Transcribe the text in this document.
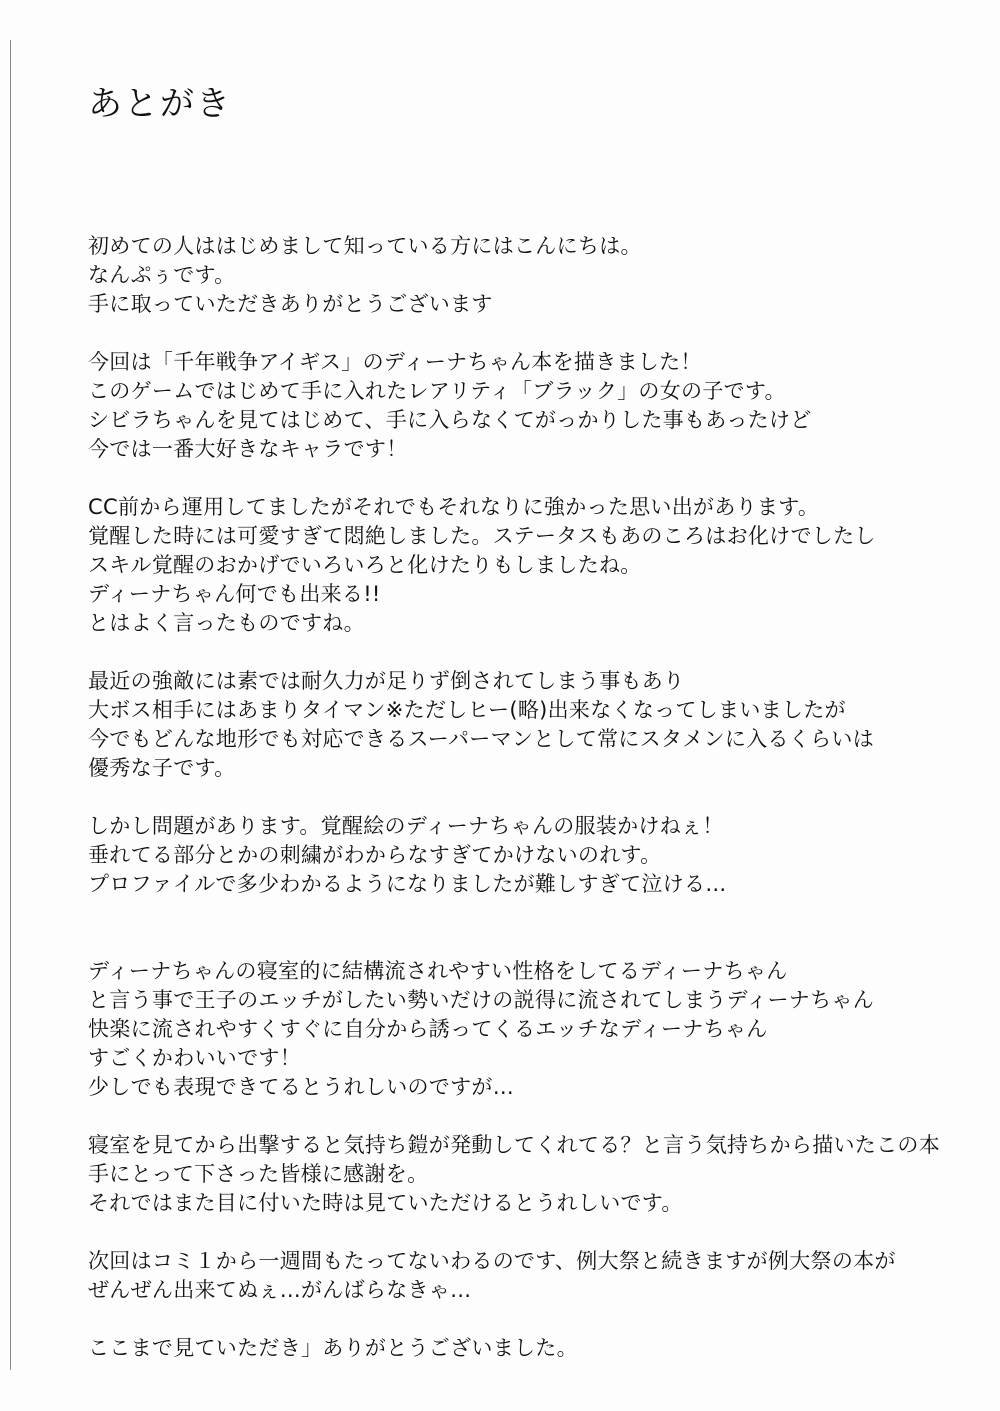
あとがき
初めての人ははじめまして知っている方にはこんにちは。
なんぷぅです。
手に取っていただきありがとうございます
今回は「千年戦争アイギス」のディーナちゃん本を描きました！
このゲームではじめて手に入れたレアリティ「ブラック」の女の子です。
シビラちゃんを見てはじめて、手に入らなくてがっかりした事もあったけど
今では一番大好きなキャラです！
CC前から運用してましたがそれでもそれなりに強かった思い出があります。
覚醒した時には可愛すぎて悶絶しました。ステータスもあのころはお化けでしたし
スキル覚醒のおかげでいろいろと化けたりもしましたね。
ディーナちゃん何でも出来る!!
とはよく言ったものですね。
最近の強敵には素では耐久力が足りず倒されてしまう事もあり
大ボス相手にはあまりタイマン※ただしヒー(略)出来なくなってしまいましたが
今でもどんな地形でも対応できるスーパーマンとして常にスタメンに入るくらいは
優秀な子です。
しかし問題があります。覚醒絵のディーナちゃんの服装かけねぇ！
垂れてる部分とかの刺繍がわからなすぎてかけないのれす。
プロファイルで多少わかるようになりましたが難しすぎて泣ける…
ディーナちゃんの寝室的に結構流されやすい性格をしてるディーナちゃん
と言う事で王子のエッチがしたい勢いだけの説得に流されてしまうディーナちゃん
快楽に流されやすくすぐに自分から誘ってくるエッチなディーナちゃん
すごくかわいいです！
少しでも表現できてるとうれしいのですが…
寝室を見てから出撃すると気持ち鎧が発動してくれてる？と言う気持ちから描いたこの本
手にとって下さった皆様に感謝を。
それではまた目に付いた時は見ていただけるとうれしいです。
次回はコミ１から一週間もたってないわるのです、例大祭と続きますが例大祭の本が
ぜんぜん出来てぬぇ…がんばらなきゃ…
ここまで見ていただき」ありがとうございました。
